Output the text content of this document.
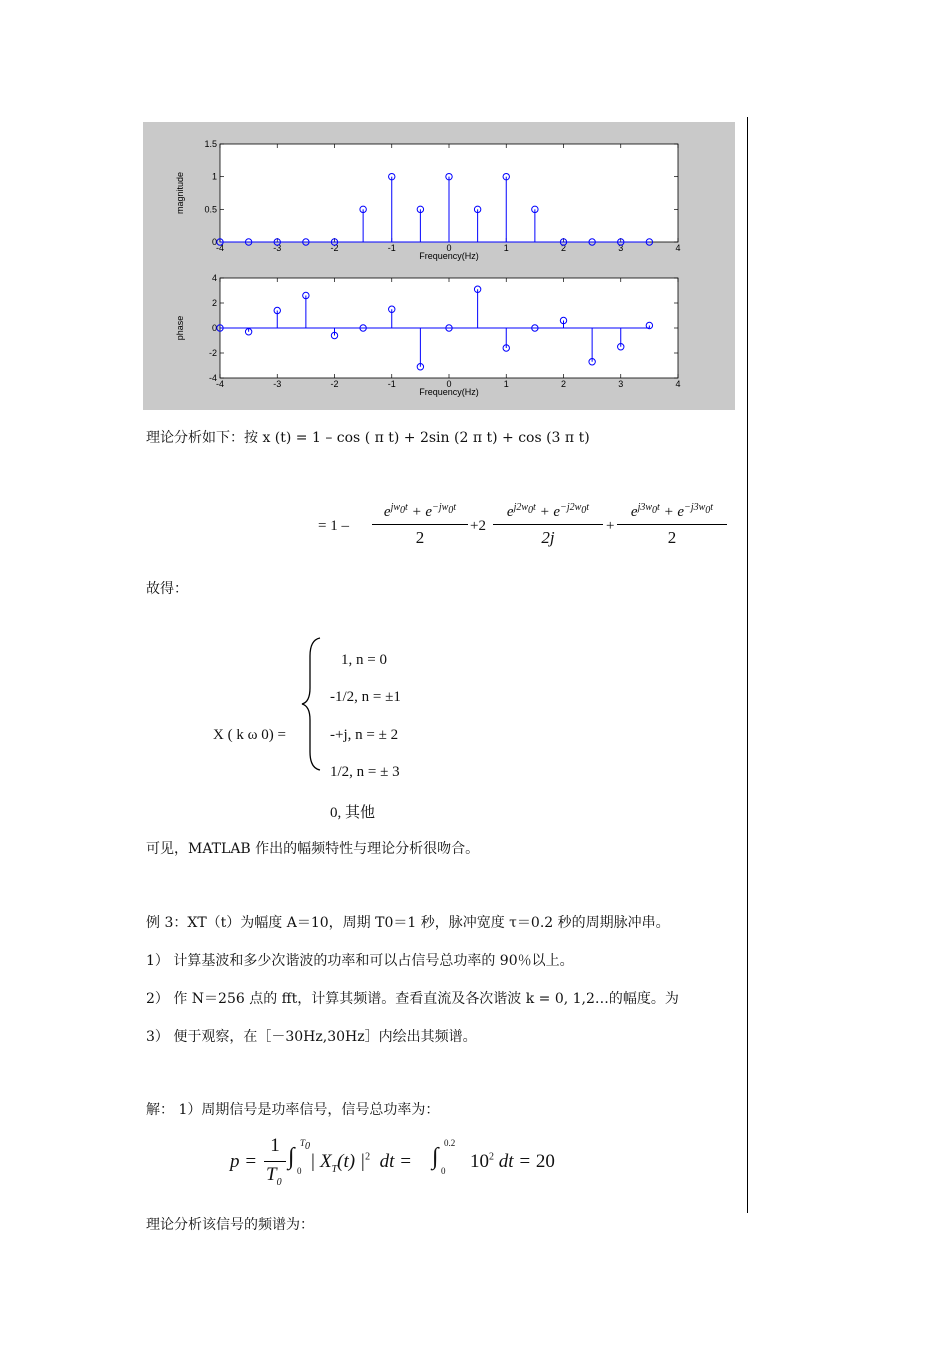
-4	-3	-2	-1	0	1	2	3	4
0
0.5
1
1.5
Frequency(Hz)
magnitude
-4	-3	-2	-1	0	1	2	3	4
-4
-2
0
2
4
Frequency(Hz)
phase
理论分析如下：按 x (t) = 1 – cos ( π t) + 2sin (2 π t) + cos (3 π t)
= 1 –
$e^{jw_0t} + e^{-jw_0t}$
2
+2
$e^{j2w_0t} + e^{-j2w_0t}$
2j
+
$e^{j3w_0t} + e^{-j3w_0t}$
2
故得：
X ( k ω 0) =
1, n = 0
-1/2, n = ±1
-+j, n = ± 2
1/2, n = ± 3
0, 其他
可见，MATLAB 作出的幅频特性与理论分析很吻合。
例 3：XT（t）为幅度 A＝10，周期 T0＝1 秒，脉冲宽度 τ＝0.2 秒的周期脉冲串。
1） 计算基波和多少次谐波的功率和可以占信号总功率的 90％以上。
2） 作 N＝256 点的 fft，计算其频谱。查看直流及各次谐波 k = 0, 1,2…的幅度。为
3） 便于观察，在［－30Hz,30Hz］内绘出其频谱。
解： 1）周期信号是功率信号，信号总功率为：
p =
1
$T_0$
∫
$T_0$
0 | $X_T(t)$ $|^2$  dt = ∫
0.2
0 $10^2$ dt = 20
理论分析该信号的频谱为：
